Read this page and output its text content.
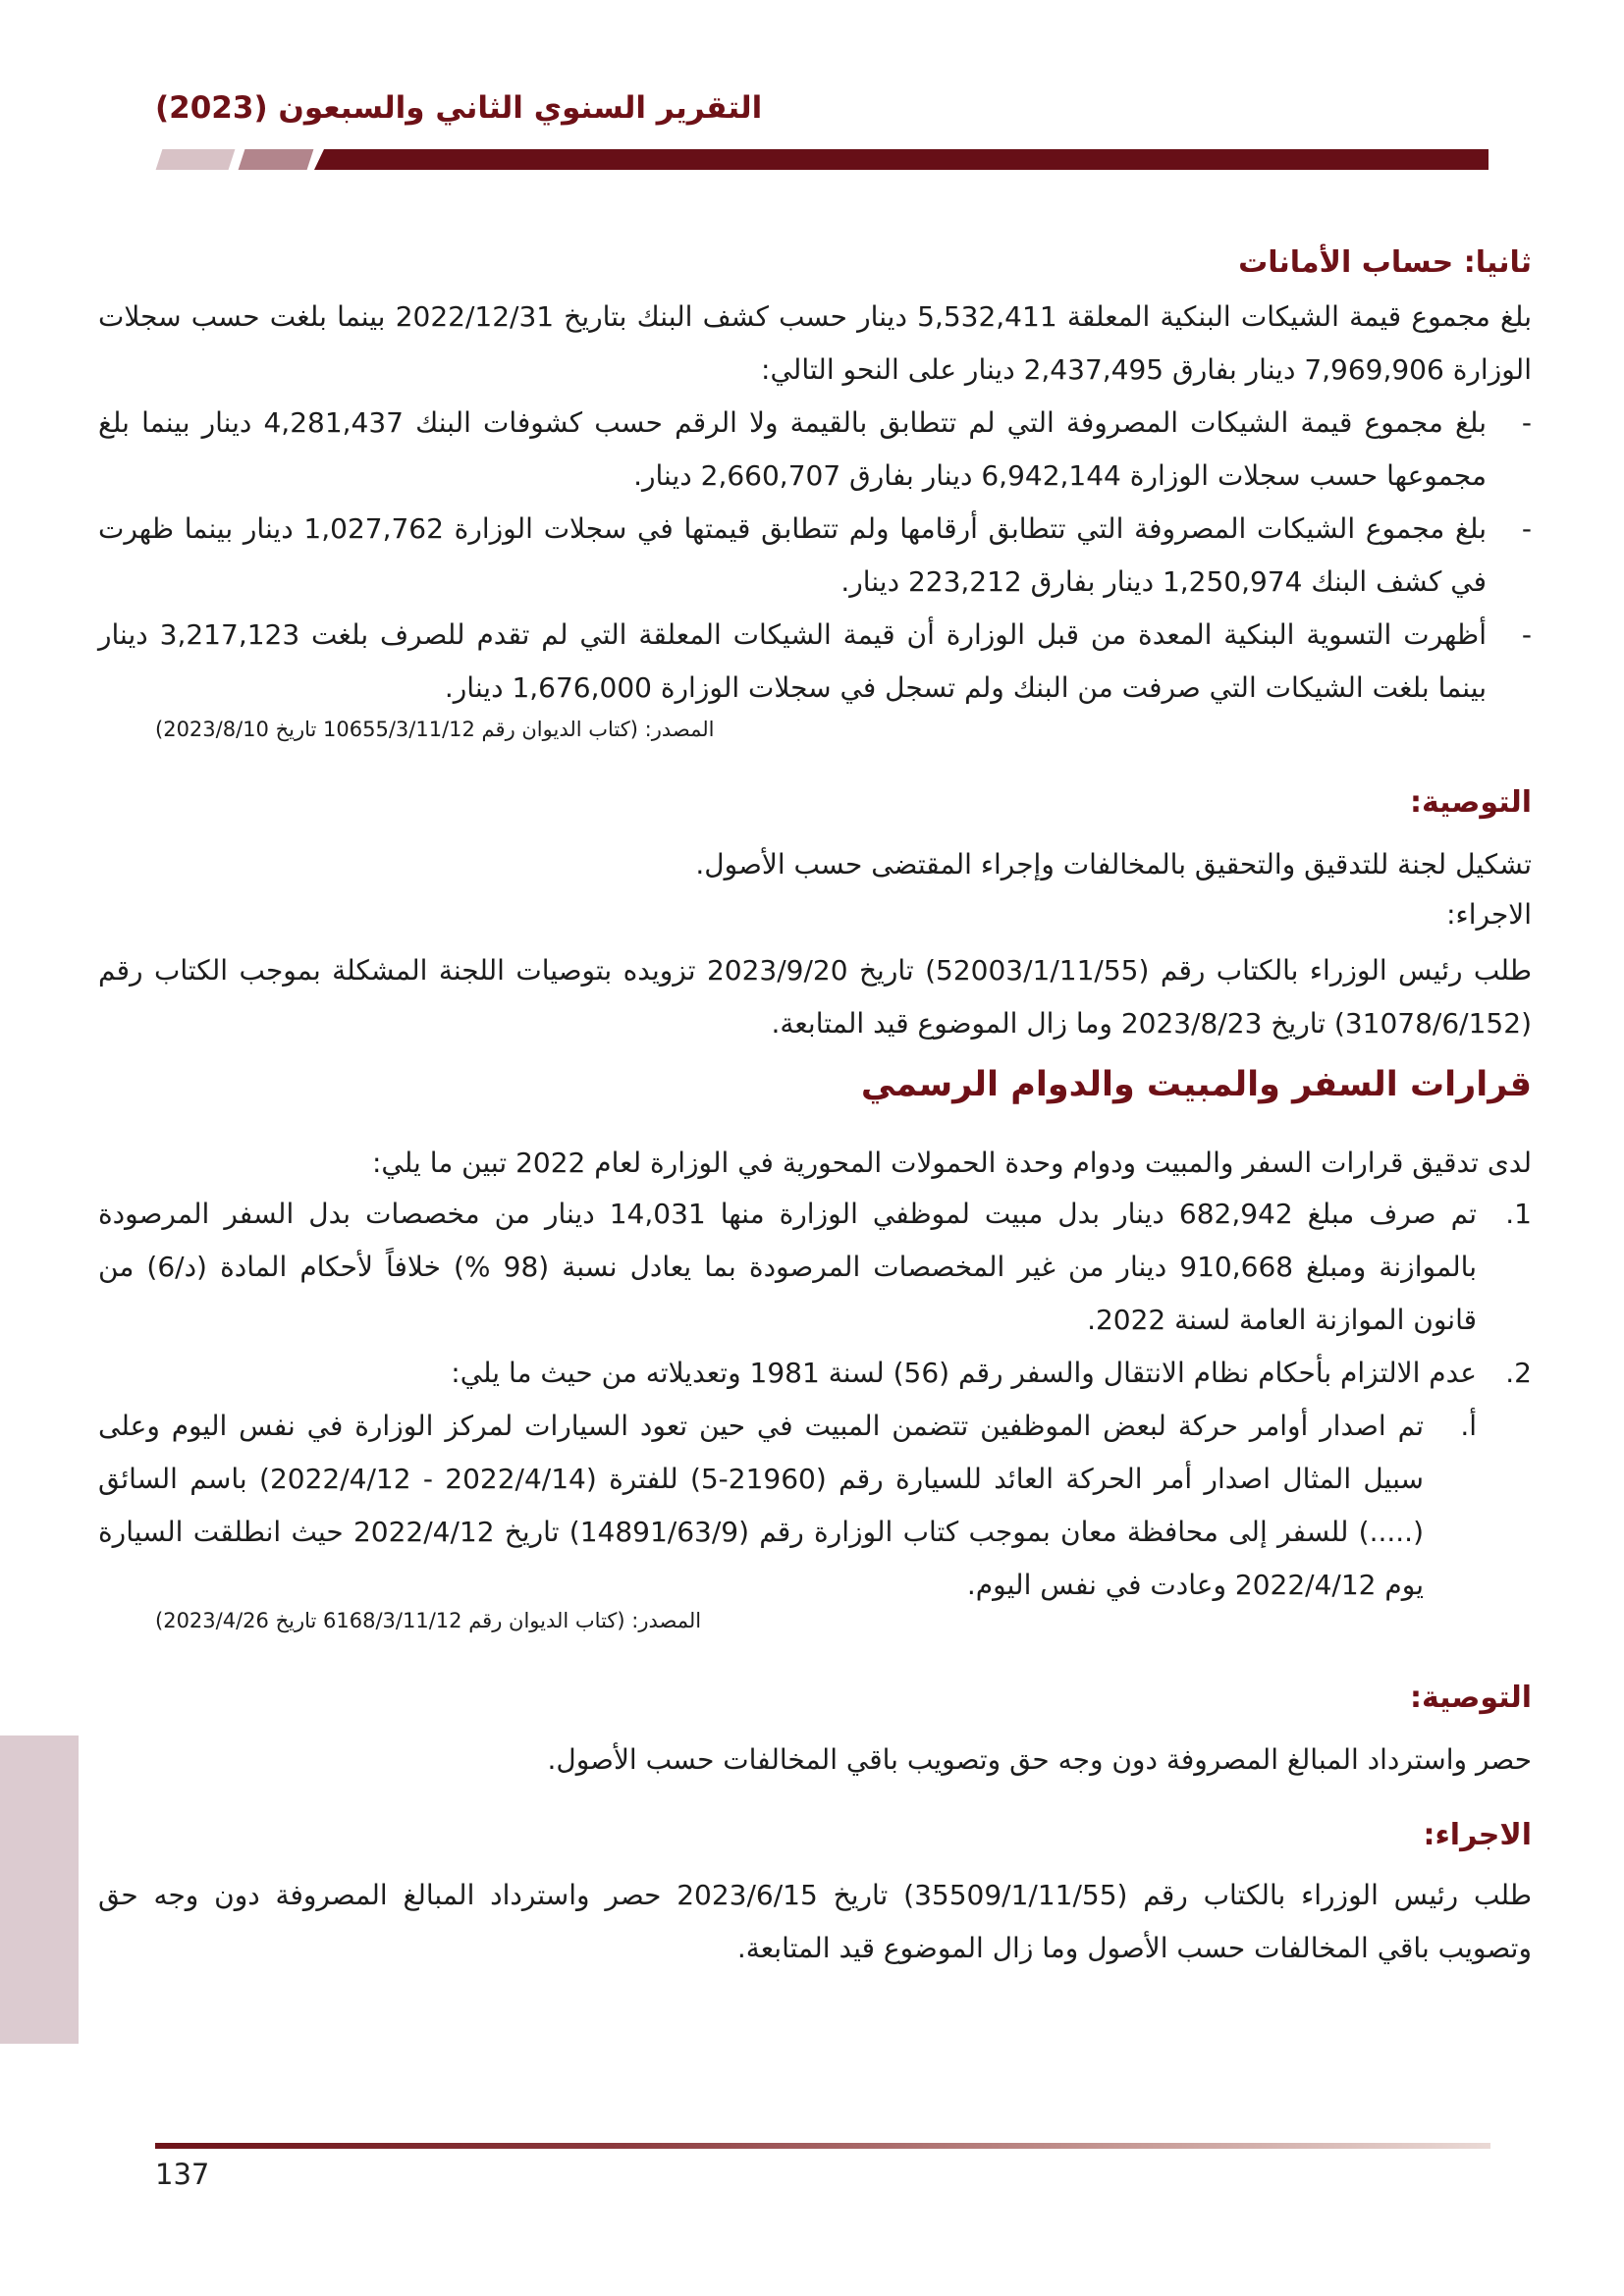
التقرير السنوي الثاني والسبعون (2023)
ثانيا: حساب الأمانات
بلغ مجموع قيمة الشيكات البنكية المعلقة 5,532,411 دينار حسب كشف البنك بتاريخ 2022/12/31 بينما بلغت حسب سجلات الوزارة 7,969,906 دينار بفارق 2,437,495 دينار على النحو التالي:
-
بلغ مجموع قيمة الشيكات المصروفة التي لم تتطابق بالقيمة ولا الرقم حسب كشوفات البنك 4,281,437 دينار بينما بلغ مجموعها حسب سجلات الوزارة 6,942,144 دينار بفارق 2,660,707 دينار.
-
بلغ مجموع الشيكات المصروفة التي تتطابق أرقامها ولم تتطابق قيمتها في سجلات الوزارة 1,027,762 دينار بينما ظهرت في كشف البنك 1,250,974 دينار بفارق 223,212 دينار.
-
أظهرت التسوية البنكية المعدة من قبل الوزارة أن قيمة الشيكات المعلقة التي لم تقدم للصرف بلغت 3,217,123 دينار بينما بلغت الشيكات التي صرفت من البنك ولم تسجل في سجلات الوزارة 1,676,000 دينار.
المصدر: (كتاب الديوان رقم 10655/3/11/12 تاريخ 2023/8/10)
التوصية:
تشكيل لجنة للتدقيق والتحقيق بالمخالفات وإجراء المقتضى حسب الأصول.
الاجراء:
طلب رئيس الوزراء بالكتاب رقم (52003/1/11/55) تاريخ 2023/9/20 تزويده بتوصيات اللجنة المشكلة بموجب الكتاب رقم (31078/6/152) تاريخ 2023/8/23 وما زال الموضوع قيد المتابعة.
قرارات السفر والمبيت والدوام الرسمي
لدى تدقيق قرارات السفر والمبيت ودوام وحدة الحمولات المحورية في الوزارة لعام 2022 تبين ما يلي:
1.
تم صرف مبلغ 682,942 دينار بدل مبيت لموظفي الوزارة منها 14,031 دينار من مخصصات بدل السفر المرصودة بالموازنة ومبلغ 910,668 دينار من غير المخصصات المرصودة بما يعادل نسبة (98 %) خلافاً لأحكام المادة ⁦(6/د)⁩ من قانون الموازنة العامة لسنة 2022.
2.
عدم الالتزام بأحكام نظام الانتقال والسفر رقم (56) لسنة 1981 وتعديلاته من حيث ما يلي:
أ.
تم اصدار أوامر حركة لبعض الموظفين تتضمن المبيت في حين تعود السيارات لمركز الوزارة في نفس اليوم وعلى سبيل المثال اصدار أمر الحركة العائد للسيارة رقم ⁦(5-21960)⁩ للفترة ⁦(2022/4/12 - 2022/4/14)⁩ باسم السائق (.....) للسفر إلى محافظة معان بموجب كتاب الوزارة رقم (14891/63/9) تاريخ 2022/4/12 حيث انطلقت السيارة يوم 2022/4/12 وعادت في نفس اليوم.
المصدر: (كتاب الديوان رقم 6168/3/11/12 تاريخ 2023/4/26)
التوصية:
حصر واسترداد المبالغ المصروفة دون وجه حق وتصويب باقي المخالفات حسب الأصول.
الاجراء:
طلب رئيس الوزراء بالكتاب رقم (35509/1/11/55) تاريخ 2023/6/15 حصر واسترداد المبالغ المصروفة دون وجه حق وتصويب باقي المخالفات حسب الأصول وما زال الموضوع قيد المتابعة.
137
